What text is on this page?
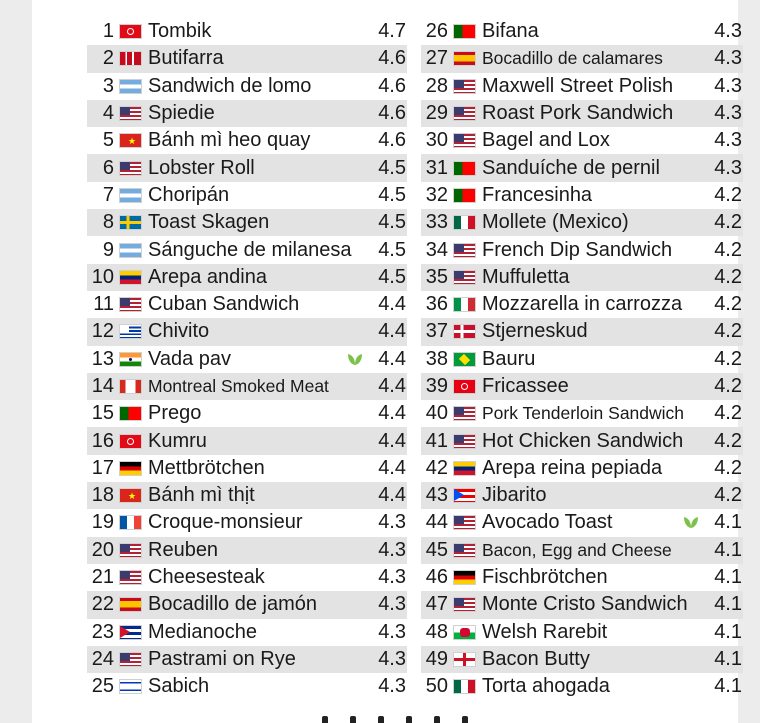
1 Tombik	4.7
2 Butifarra	4.6
3 Sandwich de lomo	4.6
4 Spiedie	4.6
5 ★ Bánh mì heo quay	4.6
6 Lobster Roll	4.5
7 Choripán	4.5
8 Toast Skagen	4.5
9 Sánguche de milanesa	4.5
10 Arepa andina	4.5
11 Cuban Sandwich	4.4
12 Chivito	4.4
13 Vada pav	4.4
14 Montreal Smoked Meat	4.4
15 Prego	4.4
16 Kumru	4.4
17 Mettbrötchen	4.4
18 ★ Bánh mì thịt	4.4
19 Croque-monsieur	4.3
20 Reuben	4.3
21 Cheesesteak	4.3
22 Bocadillo de jamón	4.3
23 Medianoche	4.3
24 Pastrami on Rye	4.3
25 Sabich	4.3
26 Bifana	4.3
27 Bocadillo de calamares	4.3
28 Maxwell Street Polish	4.3
29 Roast Pork Sandwich	4.3
30 Bagel and Lox	4.3
31 Sanduíche de pernil	4.3
32 Francesinha	4.2
33 Mollete (Mexico)	4.2
34 French Dip Sandwich	4.2
35 Muffuletta	4.2
36 Mozzarella in carrozza	4.2
37 Stjerneskud	4.2
38 Bauru	4.2
39 Fricassee	4.2
40 Pork Tenderloin Sandwich	4.2
41 Hot Chicken Sandwich	4.2
42 Arepa reina pepiada	4.2
43 Jibarito	4.2
44 Avocado Toast	4.1
45 Bacon, Egg and Cheese	4.1
46 Fischbrötchen	4.1
47 Monte Cristo Sandwich	4.1
48 Welsh Rarebit	4.1
49 Bacon Butty	4.1
50 Torta ahogada	4.1
